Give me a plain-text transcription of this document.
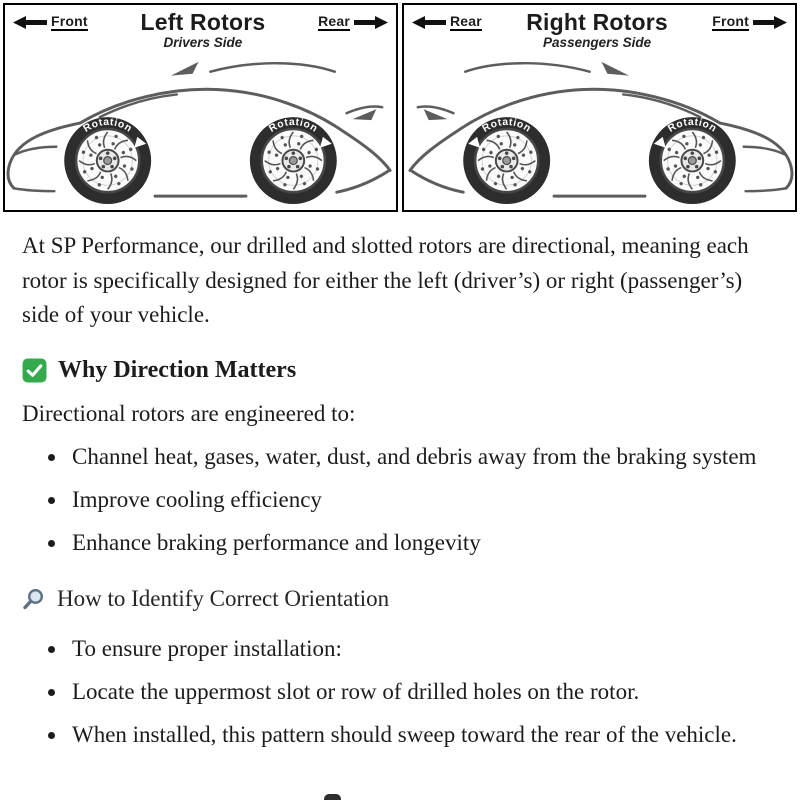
Front Left Rotors
Drivers Side
Rear
Rotation	Rotation
Rear Right Rotors
Passengers Side
Front
Rotation
Rotation

At SP Performance, our drilled and slotted rotors are directional, meaning each rotor is specifically designed for either the left (driver’s) or right (passenger’s) side of your vehicle.

Why Direction Matters

Directional rotors are engineered to:

• Channel heat, gases, water, dust, and debris away from the braking system
• Improve cooling efficiency
• Enhance braking performance and longevity
How to Identify Correct Orientation
• To ensure proper installation:
• Locate the uppermost slot or row of drilled holes on the rotor.
• When installed, this pattern should sweep toward the rear of the vehicle.
